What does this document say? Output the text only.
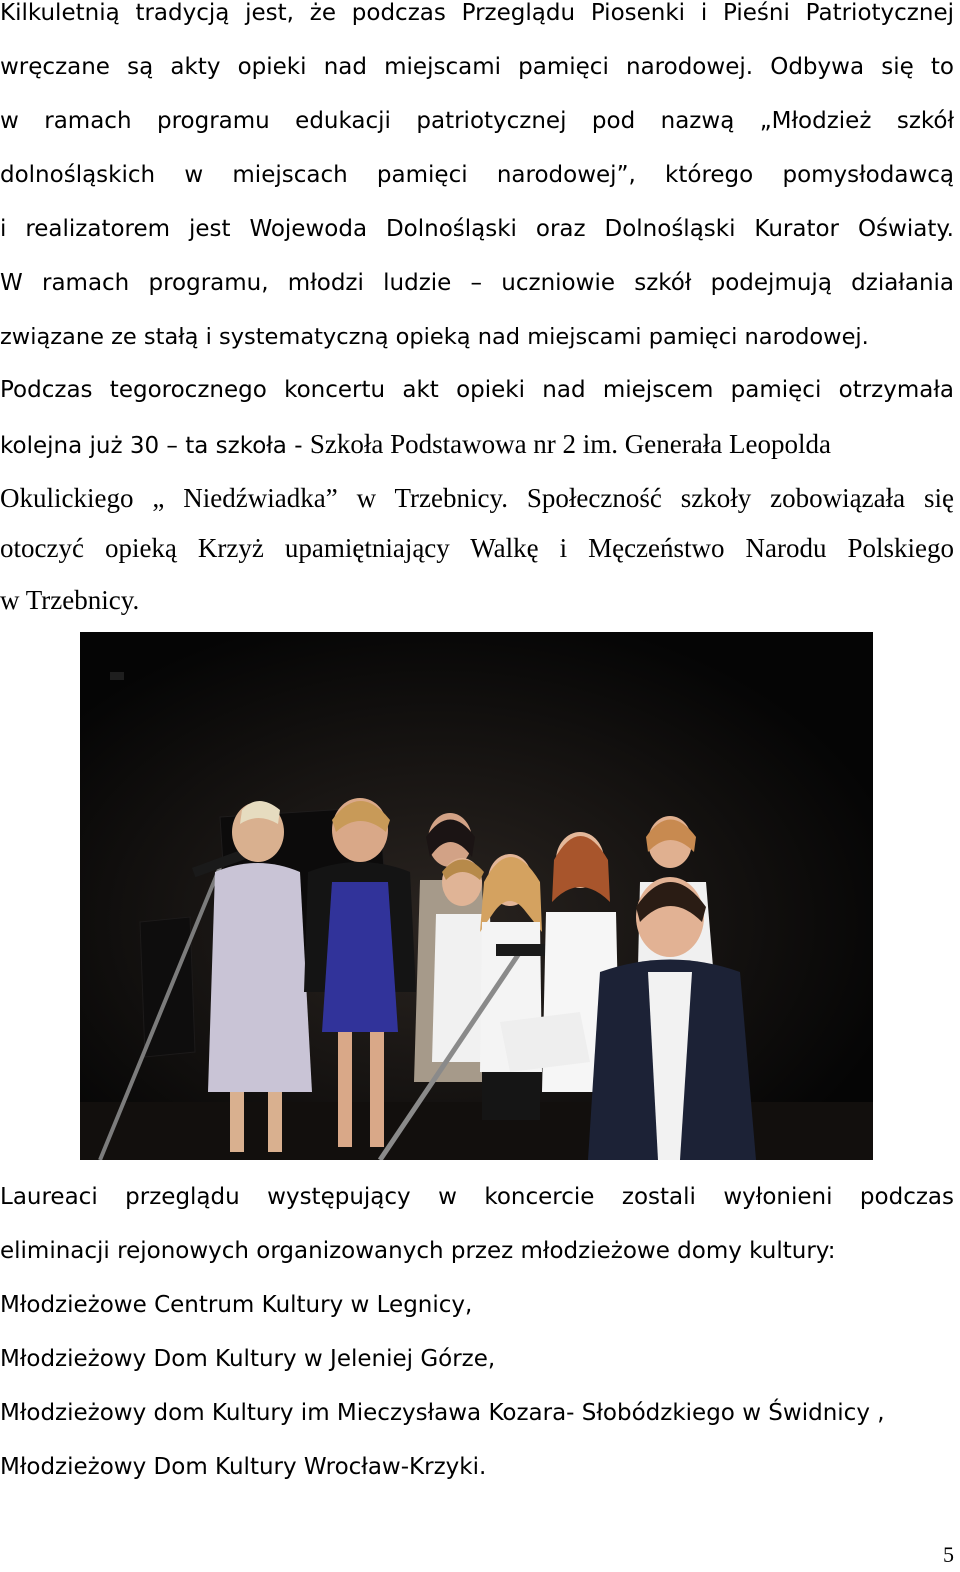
Kilkuletnią tradycją jest, że podczas Przeglądu Piosenki i Pieśni Patriotycznej
wręczane są akty opieki nad miejscami pamięci narodowej. Odbywa się to
w ramach programu edukacji patriotycznej pod nazwą „Młodzież szkół
dolnośląskich w miejscach pamięci narodowej”, którego pomysłodawcą
i realizatorem jest Wojewoda Dolnośląski oraz Dolnośląski Kurator Oświaty.
W ramach programu, młodzi ludzie – uczniowie szkół podejmują działania
związane ze stałą i systematyczną opieką nad miejscami pamięci narodowej.
Podczas tegorocznego koncertu akt opieki nad miejscem pamięci otrzymała
kolejna już 30 – ta szkoła - Szkoła Podstawowa nr 2 im. Generała Leopolda
Okulickiego „ Niedźwiadka” w Trzebnicy. Społeczność szkoły zobowiązała się
otoczyć opieką Krzyż upamiętniający Walkę i Męczeństwo Narodu Polskiego
w Trzebnicy.
Laureaci przeglądu występujący w koncercie zostali wyłonieni podczas
eliminacji rejonowych organizowanych przez młodzieżowe domy kultury:
Młodzieżowe Centrum Kultury w Legnicy,
Młodzieżowy Dom Kultury w Jeleniej Górze,
Młodzieżowy dom Kultury im Mieczysława Kozara- Słobódzkiego w Świdnicy ,
Młodzieżowy Dom Kultury Wrocław-Krzyki.
5
